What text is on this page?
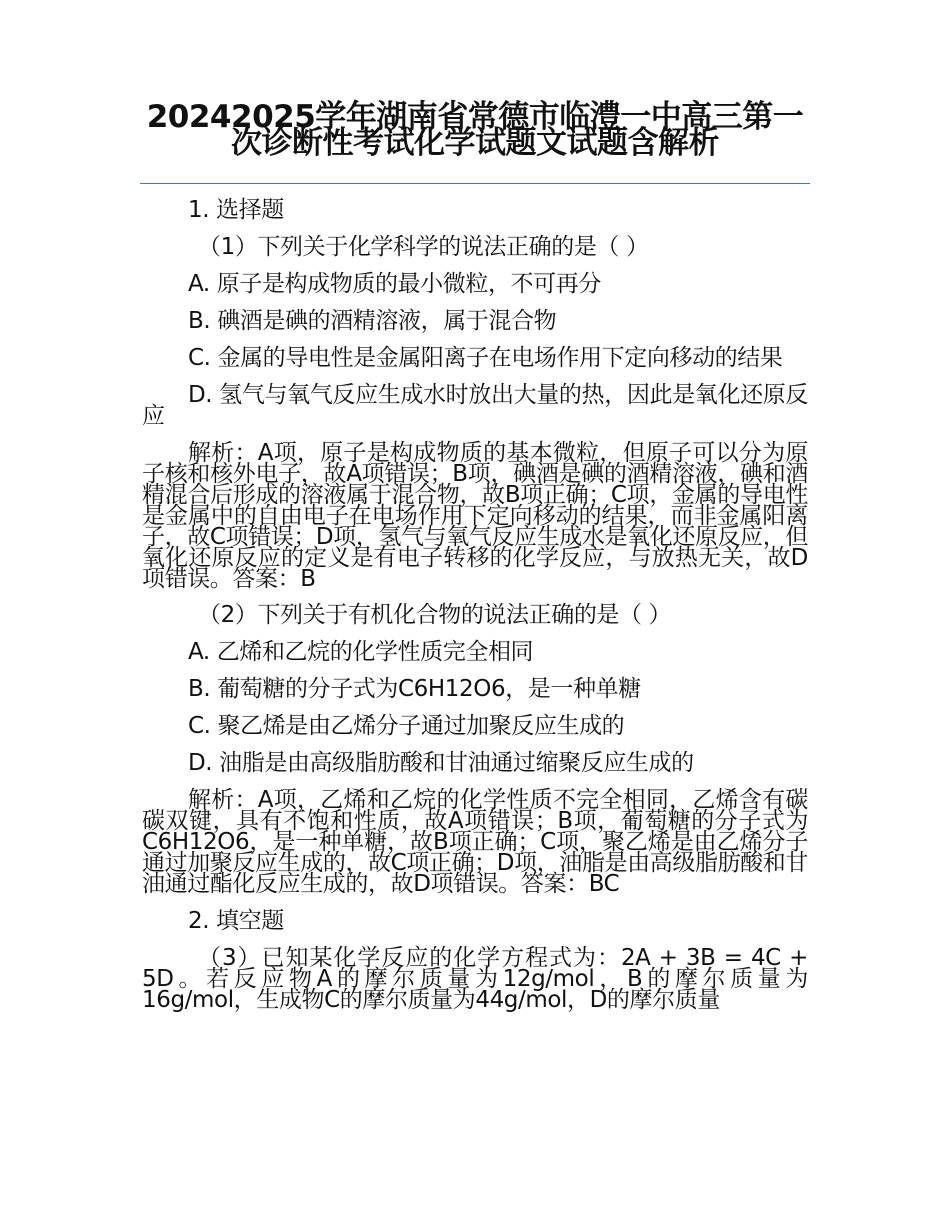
20242025学年湖南省常德市临澧一中高三第一次诊断性考试化学试题文试题含解析

1. 选择题

（1）下列关于化学科学的说法正确的是（ ）

A. 原子是构成物质的最小微粒，不可再分

B. 碘酒是碘的酒精溶液，属于混合物

C. 金属的导电性是金属阳离子在电场作用下定向移动的结果

D. 氢气与氧气反应生成水时放出大量的热，因此是氧化还原反应

解析：A项，原子是构成物质的基本微粒，但原子可以分为原子核和核外电子，故A项错误；B项，碘酒是碘的酒精溶液，碘和酒精混合后形成的溶液属于混合物，故B项正确；C项，金属的导电性是金属中的自由电子在电场作用下定向移动的结果，而非金属阳离子，故C项错误；D项，氢气与氧气反应生成水是氧化还原反应，但氧化还原反应的定义是有电子转移的化学反应，与放热无关，故D项错误。答案：B

（2）下列关于有机化合物的说法正确的是（ ）

A. 乙烯和乙烷的化学性质完全相同

B. 葡萄糖的分子式为C6H12O6，是一种单糖

C. 聚乙烯是由乙烯分子通过加聚反应生成的

D. 油脂是由高级脂肪酸和甘油通过缩聚反应生成的

解析：A项，乙烯和乙烷的化学性质不完全相同，乙烯含有碳碳双键，具有不饱和性质，故A项错误；B项，葡萄糖的分子式为C6H12O6，是一种单糖，故B项正确；C项，聚乙烯是由乙烯分子通过加聚反应生成的，故C项正确；D项，油脂是由高级脂肪酸和甘油通过酯化反应生成的，故D项错误。答案：BC

2. 填空题

（3）已知某化学反应的化学方程式为：2A + 3B = 4C + 5D。若反应物A的摩尔质量为12g/mol，B的摩尔质量为16g/mol，生成物C的摩尔质量为44g/mol，D的摩尔质量
